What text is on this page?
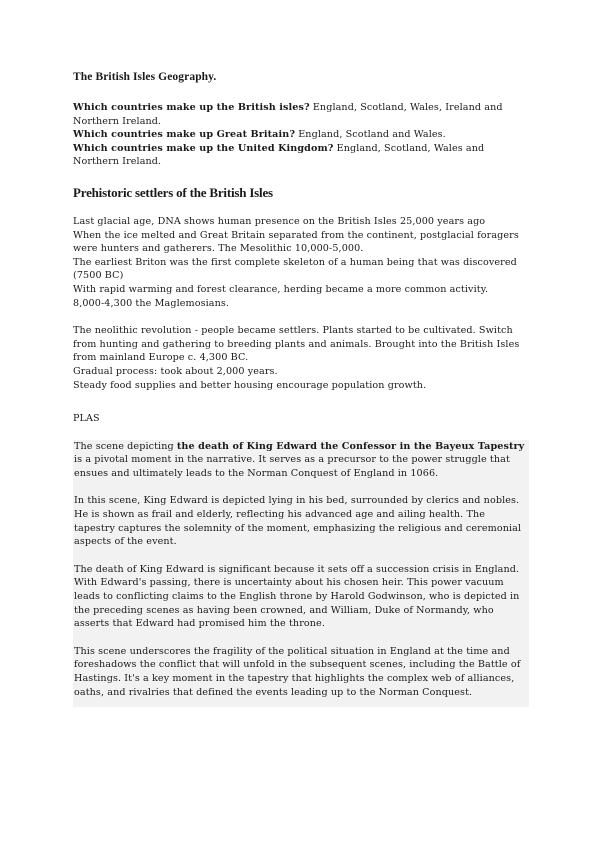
The British Isles Geography.

Which countries make up the British isles? England, Scotland, Wales, Ireland and Northern Ireland.

Which countries make up Great Britain? England, Scotland and Wales.

Which countries make up the United Kingdom? England, Scotland, Wales and Northern Ireland.

Prehistoric settlers of the British Isles

Last glacial age, DNA shows human presence on the British Isles 25,000 years ago

When the ice melted and Great Britain separated from the continent, postglacial foragers were hunters and gatherers. The Mesolithic 10,000-5,000.

The earliest Briton was the first complete skeleton of a human being that was discovered (7500 BC)

With rapid warming and forest clearance, herding became a more common activity.

8,000-4,300 the Maglemosians.

The neolithic revolution - people became settlers. Plants started to be cultivated. Switch from hunting and gathering to breeding plants and animals. Brought into the British Isles from mainland Europe c. 4,300 BC.

Gradual process: took about 2,000 years.

Steady food supplies and better housing encourage population growth.

PLAS

The scene depicting the death of King Edward the Confessor in the Bayeux Tapestry is a pivotal moment in the narrative. It serves as a precursor to the power struggle that ensues and ultimately leads to the Norman Conquest of England in 1066.

In this scene, King Edward is depicted lying in his bed, surrounded by clerics and nobles. He is shown as frail and elderly, reflecting his advanced age and ailing health. The tapestry captures the solemnity of the moment, emphasizing the religious and ceremonial aspects of the event.

The death of King Edward is significant because it sets off a succession crisis in England. With Edward's passing, there is uncertainty about his chosen heir. This power vacuum leads to conflicting claims to the English throne by Harold Godwinson, who is depicted in the preceding scenes as having been crowned, and William, Duke of Normandy, who asserts that Edward had promised him the throne.

This scene underscores the fragility of the political situation in England at the time and foreshadows the conflict that will unfold in the subsequent scenes, including the Battle of Hastings. It's a key moment in the tapestry that highlights the complex web of alliances, oaths, and rivalries that defined the events leading up to the Norman Conquest.
